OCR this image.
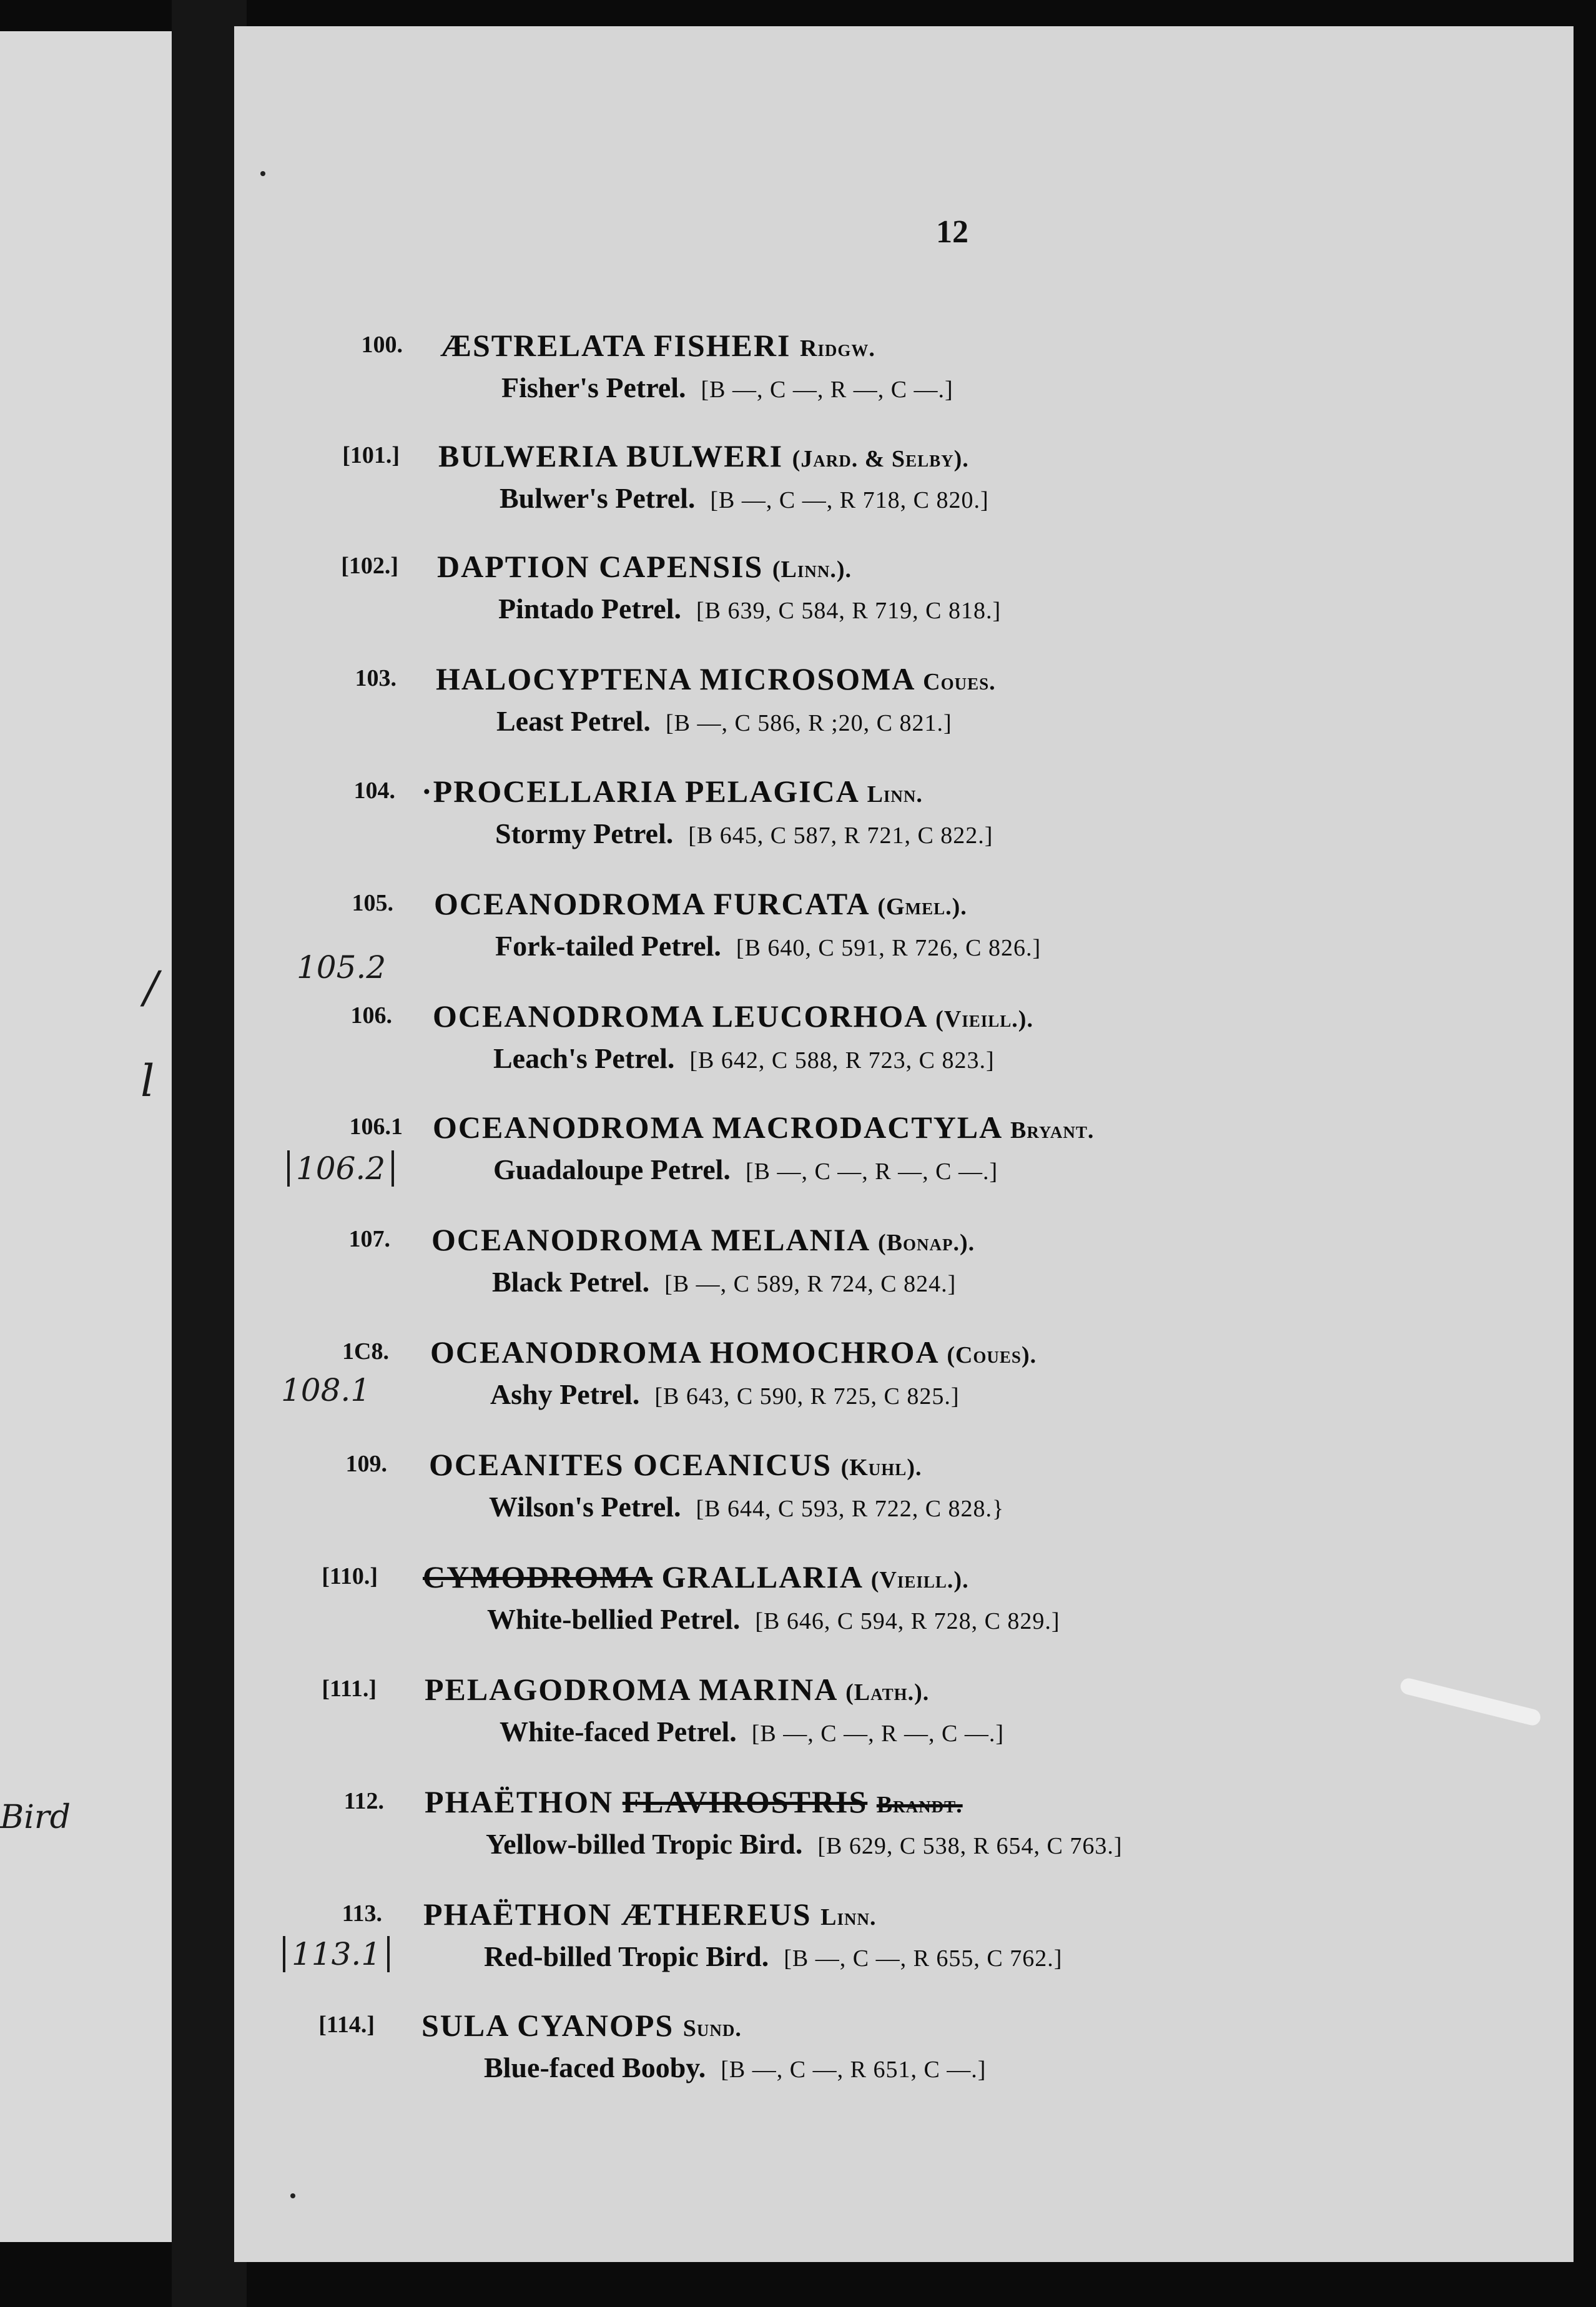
/
l
Bird
12
100. ÆSTRELATA FISHERI Ridgw.
Fisher's Petrel. [B —, C —, R —, C —.]
[101.] BULWERIA BULWERI (Jard. & Selby).
Bulwer's Petrel. [B —, C —, R 718, C 820.]
[102.] DAPTION CAPENSIS (Linn.).
Pintado Petrel. [B 639, C 584, R 719, C 818.]
103. HALOCYPTENA MICROSOMA Coues.
Least Petrel. [B —, C 586, R ;20, C 821.]
104. ·PROCELLARIA PELAGICA Linn.
Stormy Petrel. [B 645, C 587, R 721, C 822.]
105. OCEANODROMA FURCATA (Gmel.).
Fork-tailed Petrel. [B 640, C 591, R 726, C 826.]
106. OCEANODROMA LEUCORHOA (Vieill.).
Leach's Petrel. [B 642, C 588, R 723, C 823.]
106.1 OCEANODROMA MACRODACTYLA Bryant.
Guadaloupe Petrel. [B —, C —, R —, C —.]
107. OCEANODROMA MELANIA (Bonap.).
Black Petrel. [B —, C 589, R 724, C 824.]
1C8. OCEANODROMA HOMOCHROA (Coues).
Ashy Petrel. [B 643, C 590, R 725, C 825.]
109. OCEANITES OCEANICUS (Kuhl).
Wilson's Petrel. [B 644, C 593, R 722, C 828.}
[110.] CYMODROMA GRALLARIA (Vieill.).
White-bellied Petrel. [B 646, C 594, R 728, C 829.]
[111.] PELAGODROMA MARINA (Lath.).
White-faced Petrel. [B —, C —, R —, C —.]
112. PHAËTHON FLAVIROSTRIS Brandt.
Yellow-billed Tropic Bird. [B 629, C 538, R 654, C 763.]
113. PHAËTHON ÆTHEREUS Linn.
Red-billed Tropic Bird. [B —, C —, R 655, C 762.]
[114.] SULA CYANOPS Sund.
Blue-faced Booby. [B —, C —, R 651, C —.]
105.2
106.2
108.1
113.1
